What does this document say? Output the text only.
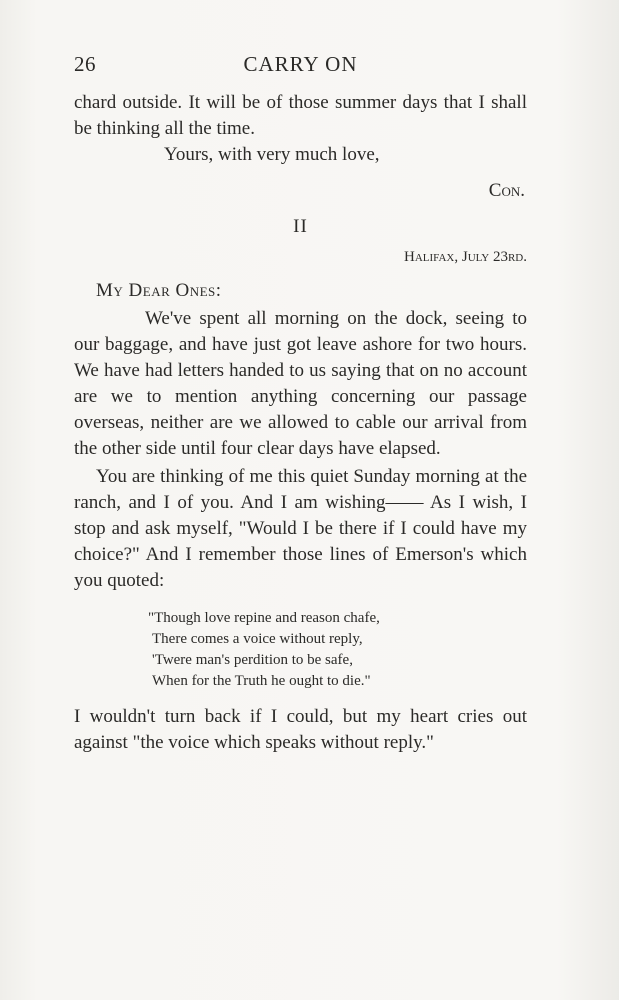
26	CARRY ON

chard outside. It will be of those summer days that I shall be thinking all the time.

Yours, with very much love,

Con.

II

Halifax, July 23rd.

My Dear Ones:

We've spent all morning on the dock, seeing to our baggage, and have just got leave ashore for two hours. We have had letters handed to us saying that on no account are we to mention anything concerning our passage overseas, neither are we allowed to cable our arrival from the other side until four clear days have elapsed.

You are thinking of me this quiet Sunday morning at the ranch, and I of you. And I am wishing—— As I wish, I stop and ask myself, "Would I be there if I could have my choice?" And I remember those lines of Emerson's which you quoted:

"Though love repine and reason chafe,
There comes a voice without reply,
'Twere man's perdition to be safe,
When for the Truth he ought to die."

I wouldn't turn back if I could, but my heart cries out against "the voice which speaks without reply."
